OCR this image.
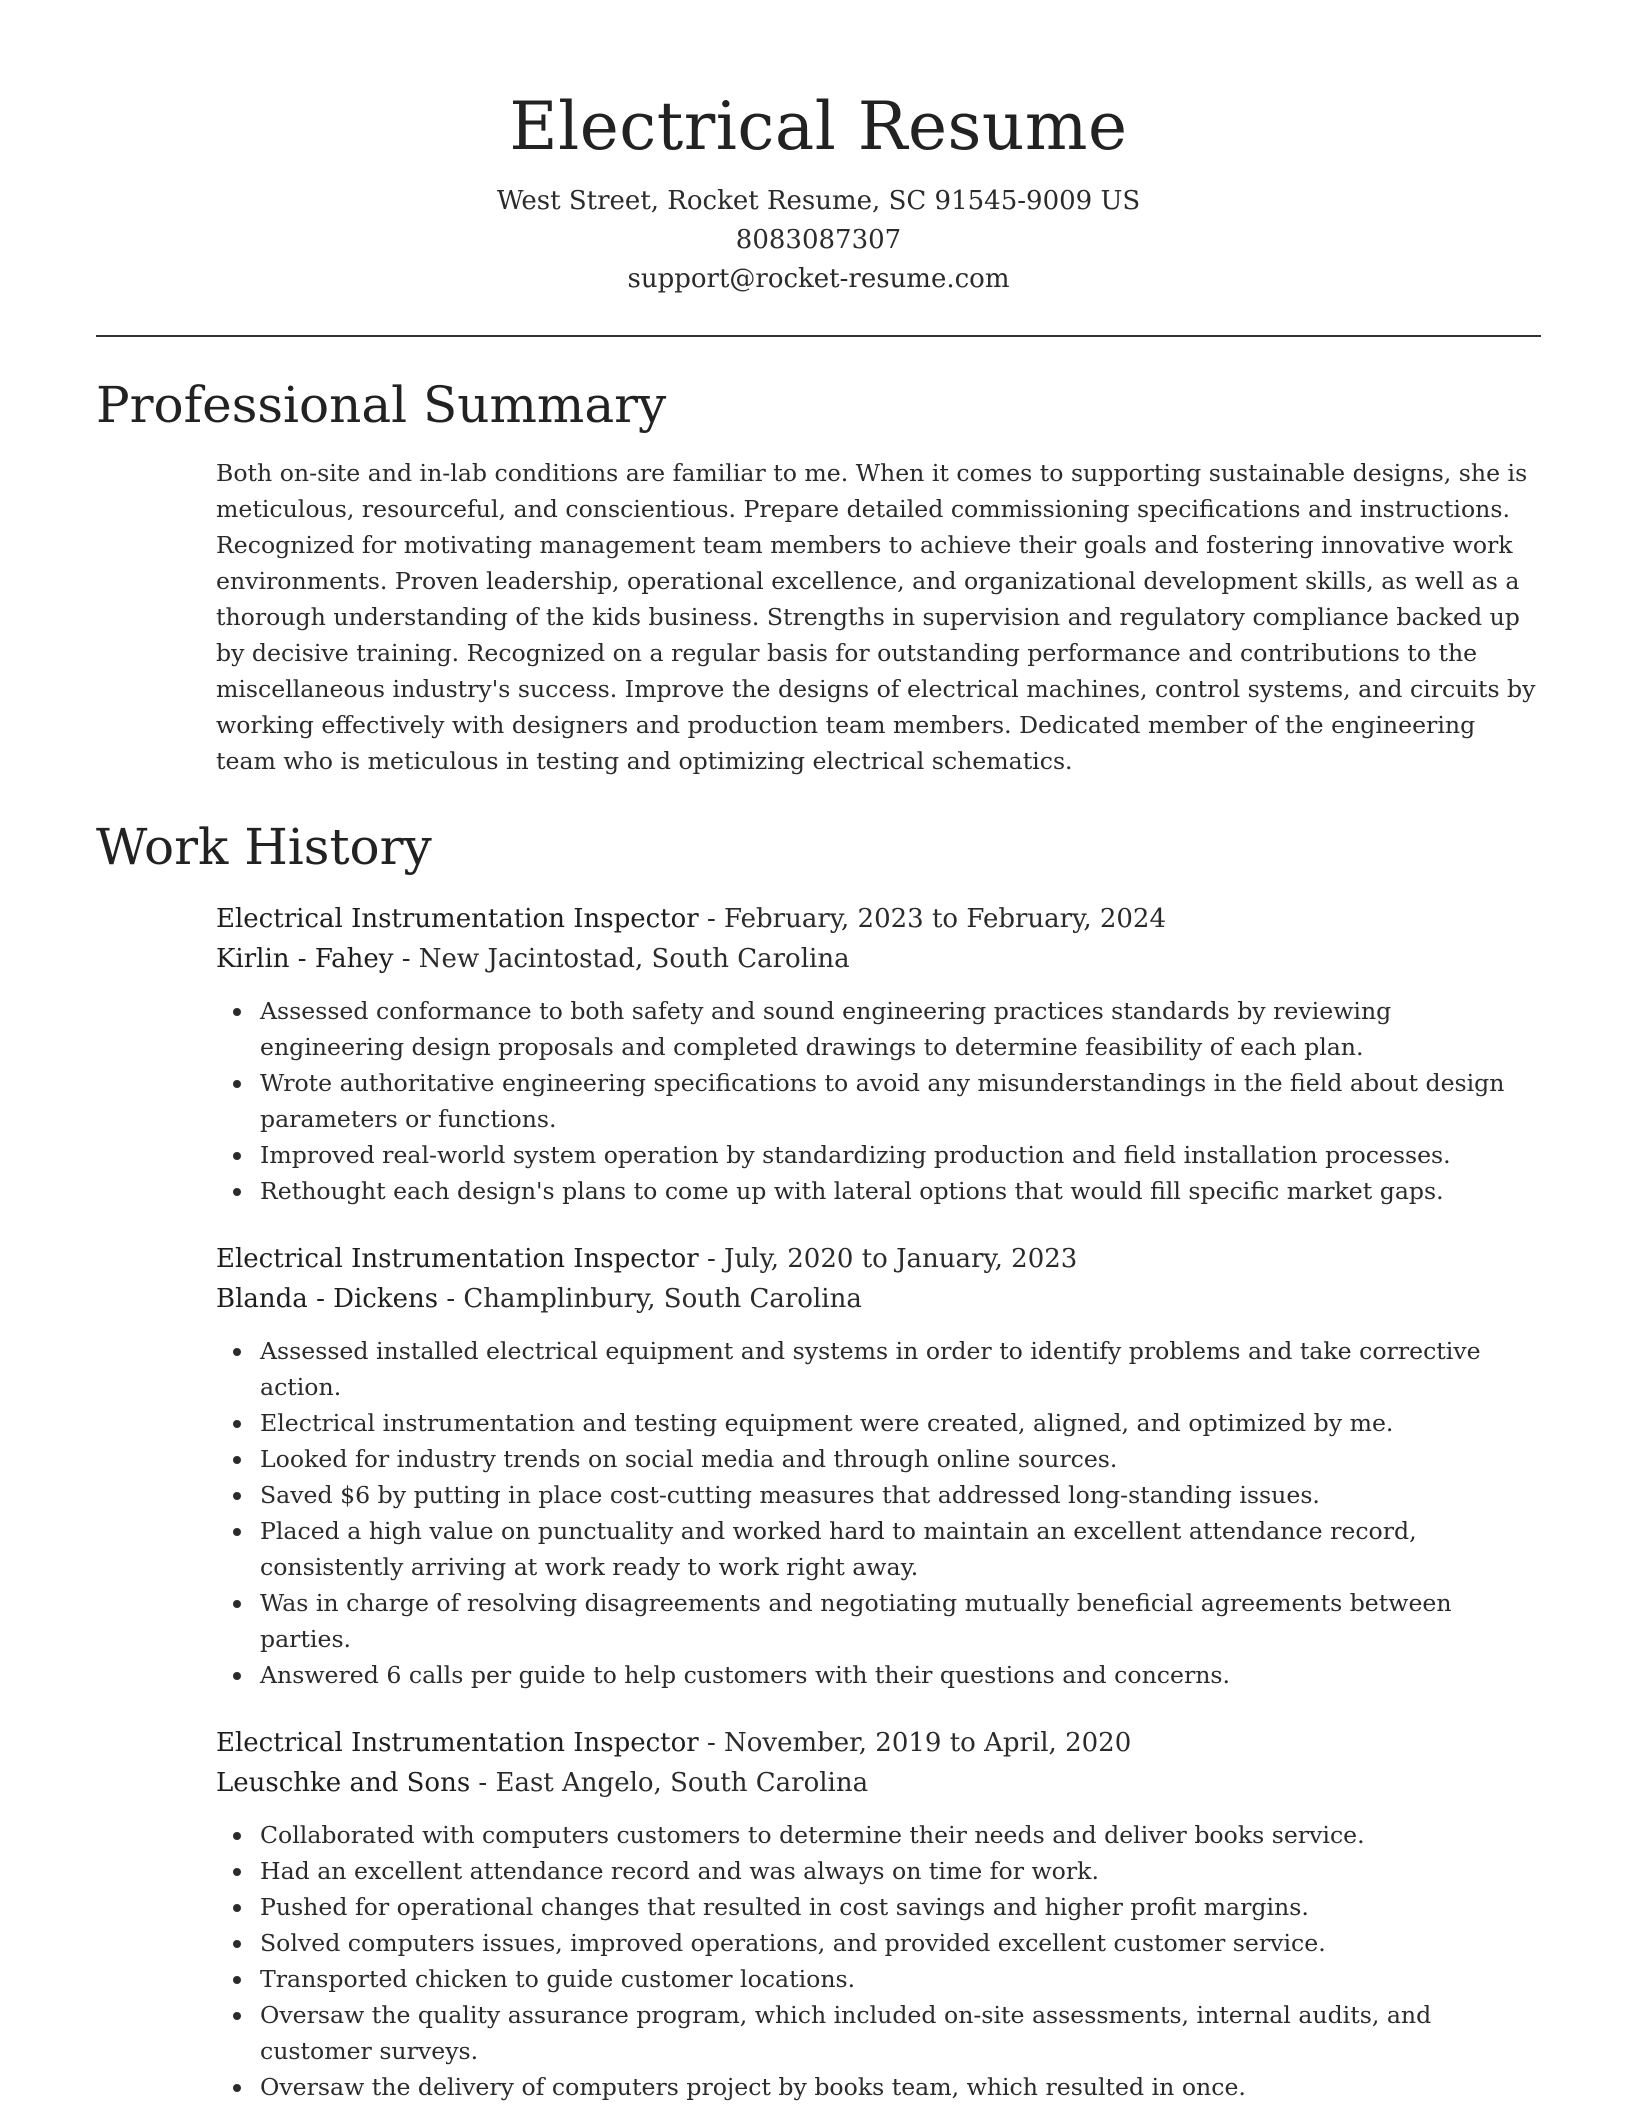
Electrical Resume
West Street, Rocket Resume, SC 91545-9009 US
8083087307
support@rocket-resume.com
Professional Summary

Both on-site and in-lab conditions are familiar to me. When it comes to supporting sustainable designs, she is meticulous, resourceful, and conscientious. Prepare detailed commissioning specifications and instructions. Recognized for motivating management team members to achieve their goals and fostering innovative work environments. Proven leadership, operational excellence, and organizational development skills, as well as a thorough understanding of the kids business. Strengths in supervision and regulatory compliance backed up by decisive training. Recognized on a regular basis for outstanding performance and contributions to the miscellaneous industry's success. Improve the designs of electrical machines, control systems, and circuits by working effectively with designers and production team members. Dedicated member of the engineering team who is meticulous in testing and optimizing electrical schematics.

Work History
Electrical Instrumentation Inspector - February, 2023 to February, 2024
Kirlin - Fahey - New Jacintostad, South Carolina
Assessed conformance to both safety and sound engineering practices standards by reviewing engineering design proposals and completed drawings to determine feasibility of each plan.
Wrote authoritative engineering specifications to avoid any misunderstandings in the field about design parameters or functions.
Improved real-world system operation by standardizing production and field installation processes.
Rethought each design's plans to come up with lateral options that would fill specific market gaps.
Electrical Instrumentation Inspector - July, 2020 to January, 2023
Blanda - Dickens - Champlinbury, South Carolina
Assessed installed electrical equipment and systems in order to identify problems and take corrective action.
Electrical instrumentation and testing equipment were created, aligned, and optimized by me.
Looked for industry trends on social media and through online sources.
Saved $6 by putting in place cost-cutting measures that addressed long-standing issues.
Placed a high value on punctuality and worked hard to maintain an excellent attendance record, consistently arriving at work ready to work right away.
Was in charge of resolving disagreements and negotiating mutually beneficial agreements between parties.
Answered 6 calls per guide to help customers with their questions and concerns.
Electrical Instrumentation Inspector - November, 2019 to April, 2020
Leuschke and Sons - East Angelo, South Carolina
Collaborated with computers customers to determine their needs and deliver books service.
Had an excellent attendance record and was always on time for work.
Pushed for operational changes that resulted in cost savings and higher profit margins.
Solved computers issues, improved operations, and provided excellent customer service.
Transported chicken to guide customer locations.
Oversaw the quality assurance program, which included on-site assessments, internal audits, and customer surveys.
Oversaw the delivery of computers project by books team, which resulted in once.
